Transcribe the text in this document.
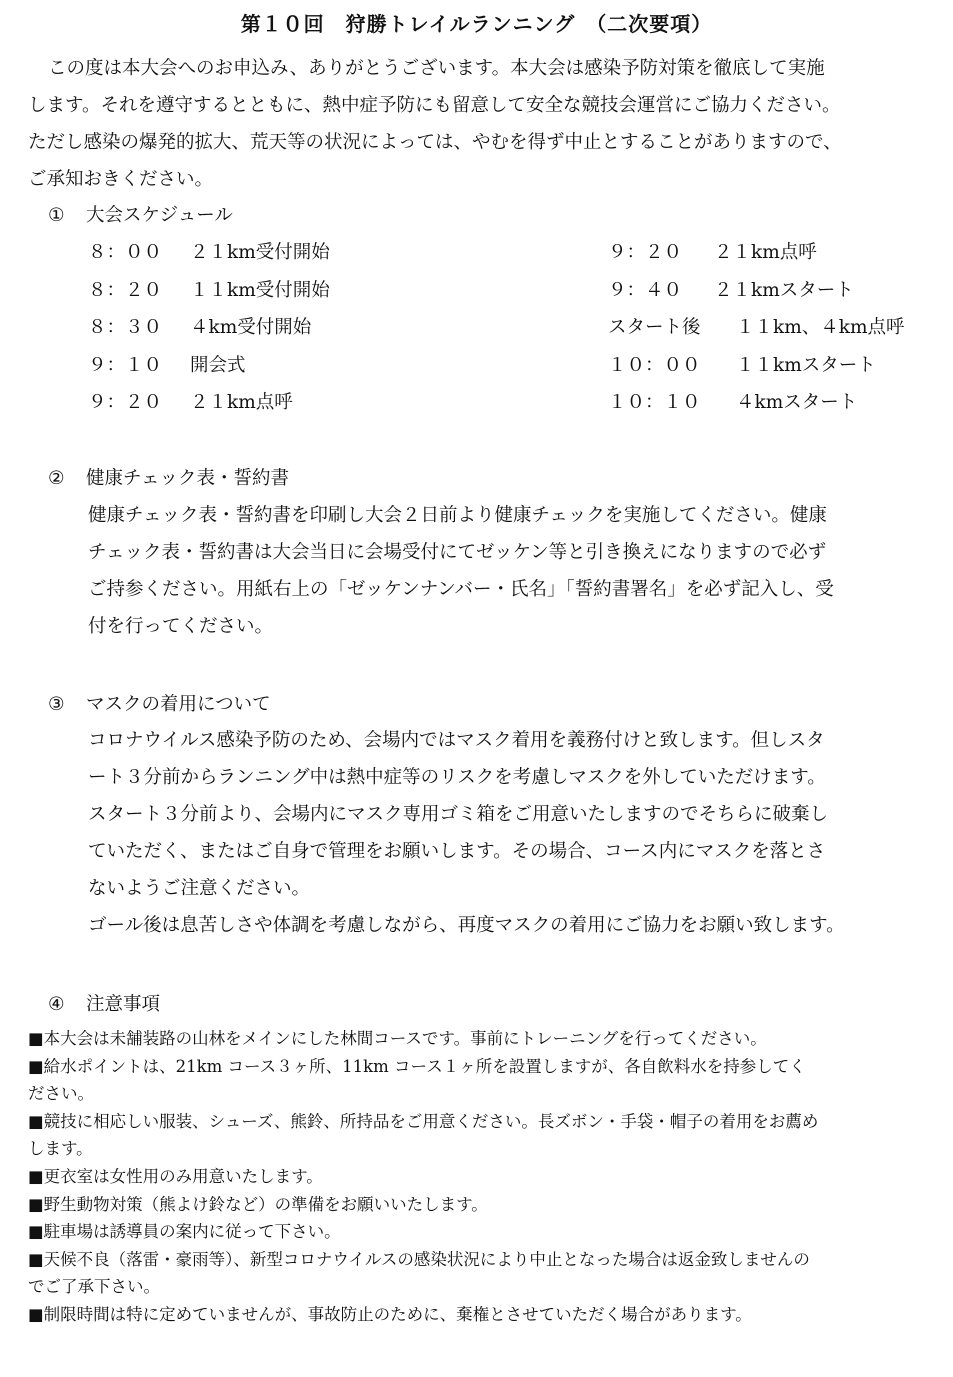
第１０回　狩勝トレイルランニング　（二次要項）
この度は本大会へのお申込み、ありがとうございます。本大会は感染予防対策を徹底して実施
します。それを遵守するとともに、熱中症予防にも留意して安全な競技会運営にご協力ください。
ただし感染の爆発的拡大、荒天等の状況によっては、やむを得ず中止とすることがありますので、
ご承知おきください。
① 大会スケジュール
８：００ ２１km受付開始
８：２０ １１km受付開始
８：３０ ４km受付開始
９：１０ 開会式
９：２０ ２１km点呼
９：２０ ２１km点呼
９：４０ ２１kmスタート
スタート後 １１km、４km点呼
１０：００ １１kmスタート
１０：１０ ４kmスタート
② 健康チェック表・誓約書
健康チェック表・誓約書を印刷し大会２日前より健康チェックを実施してください。健康
チェック表・誓約書は大会当日に会場受付にてゼッケン等と引き換えになりますので必ず
ご持参ください。用紙右上の「ゼッケンナンバー・氏名」「誓約書署名」を必ず記入し、受
付を行ってください。
③ マスクの着用について
コロナウイルス感染予防のため、会場内ではマスク着用を義務付けと致します。但しスタ
ート３分前からランニング中は熱中症等のリスクを考慮しマスクを外していただけます。
スタート３分前より、会場内にマスク専用ゴミ箱をご用意いたしますのでそちらに破棄し
ていただく、またはご自身で管理をお願いします。その場合、コース内にマスクを落とさ
ないようご注意ください。
ゴール後は息苦しさや体調を考慮しながら、再度マスクの着用にご協力をお願い致します。
④ 注意事項
■本大会は未舗装路の山林をメインにした林間コースです。事前にトレーニングを行ってください。
■給水ポイントは、21km コース３ヶ所、11km コース１ヶ所を設置しますが、各自飲料水を持参してく
ださい。
■競技に相応しい服装、シューズ、熊鈴、所持品をご用意ください。長ズボン・手袋・帽子の着用をお薦め
します。
■更衣室は女性用のみ用意いたします。
■野生動物対策（熊よけ鈴など）の準備をお願いいたします。
■駐車場は誘導員の案内に従って下さい。
■天候不良（落雷・豪雨等）、新型コロナウイルスの感染状況により中止となった場合は返金致しませんの
でご了承下さい。
■制限時間は特に定めていませんが、事故防止のために、棄権とさせていただく場合があります。
